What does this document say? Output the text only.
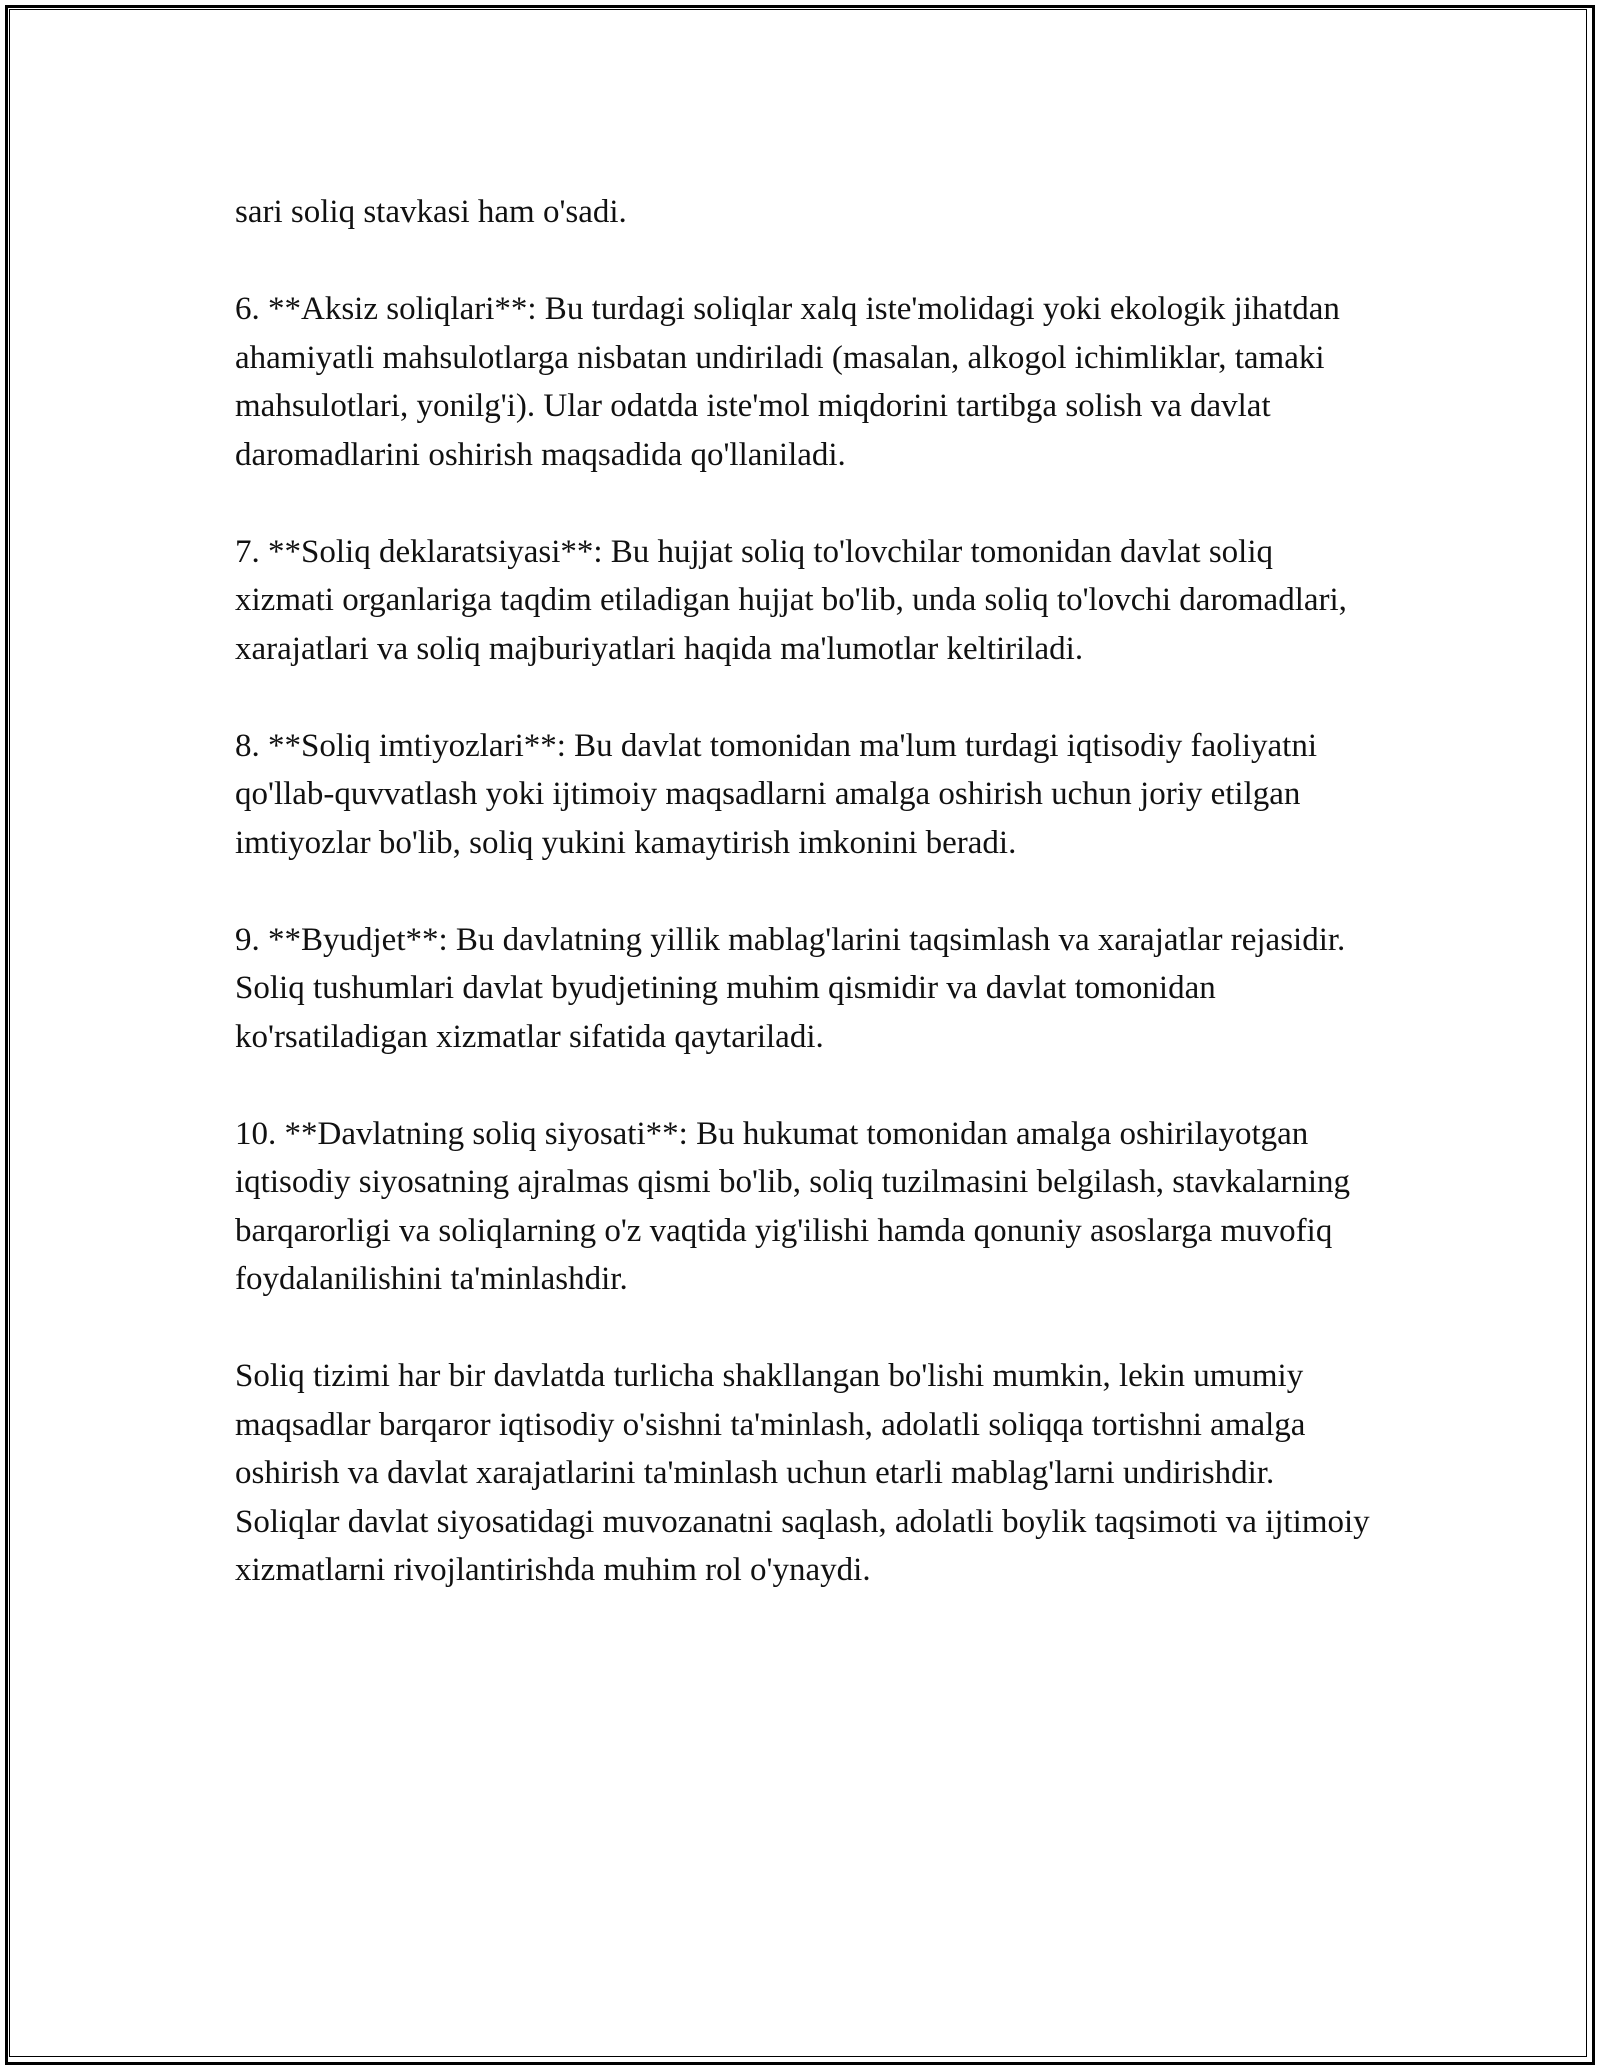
sari soliq stavkasi ham o'sadi.

6. **Aksiz soliqlari**: Bu turdagi soliqlar xalq iste'molidagi yoki ekologik jihatdan ahamiyatli mahsulotlarga nisbatan undiriladi (masalan, alkogol ichimliklar, tamaki mahsulotlari, yonilg'i). Ular odatda iste'mol miqdorini tartibga solish va davlat daromadlarini oshirish maqsadida qo'llaniladi.

7. **Soliq deklaratsiyasi**: Bu hujjat soliq to'lovchilar tomonidan davlat soliq xizmati organlariga taqdim etiladigan hujjat bo'lib, unda soliq to'lovchi daromadlari, xarajatlari va soliq majburiyatlari haqida ma'lumotlar keltiriladi.

8. **Soliq imtiyozlari**: Bu davlat tomonidan ma'lum turdagi iqtisodiy faoliyatni qo'llab-quvvatlash yoki ijtimoiy maqsadlarni amalga oshirish uchun joriy etilgan imtiyozlar bo'lib, soliq yukini kamaytirish imkonini beradi.

9. **Byudjet**: Bu davlatning yillik mablag'larini taqsimlash va xarajatlar rejasidir. Soliq tushumlari davlat byudjetining muhim qismidir va davlat tomonidan ko'rsatiladigan xizmatlar sifatida qaytariladi.

10. **Davlatning soliq siyosati**: Bu hukumat tomonidan amalga oshirilayotgan iqtisodiy siyosatning ajralmas qismi bo'lib, soliq tuzilmasini belgilash, stavkalarning barqarorligi va soliqlarning o'z vaqtida yig'ilishi hamda qonuniy asoslarga muvofiq foydalanilishini ta'minlashdir.

Soliq tizimi har bir davlatda turlicha shakllangan bo'lishi mumkin, lekin umumiy maqsadlar barqaror iqtisodiy o'sishni ta'minlash, adolatli soliqqa tortishni amalga oshirish va davlat xarajatlarini ta'minlash uchun etarli mablag'larni undirishdir. Soliqlar davlat siyosatidagi muvozanatni saqlash, adolatli boylik taqsimoti va ijtimoiy xizmatlarni rivojlantirishda muhim rol o'ynaydi.
